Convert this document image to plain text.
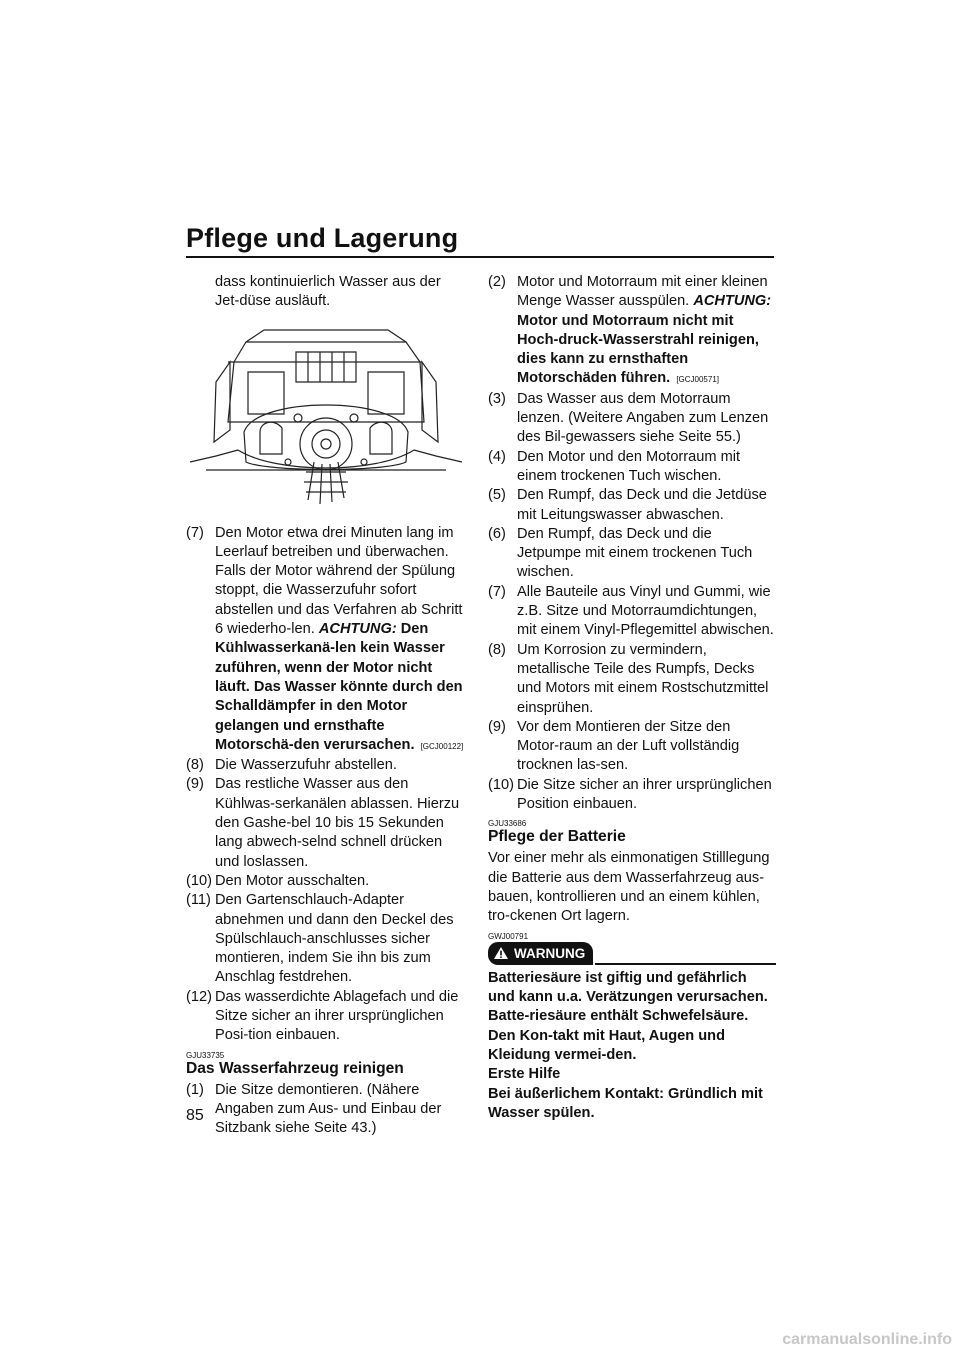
Pflege und Lagerung

dass kontinuierlich Wasser aus der Jet-düse ausläuft.

(7) Den Motor etwa drei Minuten lang im Leerlauf betreiben und überwachen. Falls der Motor während der Spülung stoppt, die Wasserzufuhr sofort abstellen und das Verfahren ab Schritt 6 wiederho-len. ACHTUNG: Den Kühlwasserkanä-len kein Wasser zuführen, wenn der Motor nicht läuft. Das Wasser könnte durch den Schalldämpfer in den Motor gelangen und ernsthafte Motorschä-den verursachen. [GCJ00122]
(8) Die Wasserzufuhr abstellen.
(9) Das restliche Wasser aus den Kühlwas-serkanälen ablassen. Hierzu den Gashe-bel 10 bis 15 Sekunden lang abwech-selnd schnell drücken und loslassen.
(10) Den Motor ausschalten.
(11) Den Gartenschlauch-Adapter abnehmen und dann den Deckel des Spülschlauch-anschlusses sicher montieren, indem Sie ihn bis zum Anschlag festdrehen.
(12) Das wasserdichte Ablagefach und die Sitze sicher an ihrer ursprünglichen Posi-tion einbauen.
GJU33735
Das Wasserfahrzeug reinigen
(1) Die Sitze demontieren. (Nähere Angaben zum Aus- und Einbau der Sitzbank siehe Seite 43.)
(2) Motor und Motorraum mit einer kleinen Menge Wasser ausspülen. ACHTUNG: Motor und Motorraum nicht mit Hoch-druck-Wasserstrahl reinigen, dies kann zu ernsthaften Motorschäden führen. [GCJ00571]
(3) Das Wasser aus dem Motorraum lenzen. (Weitere Angaben zum Lenzen des Bil-gewassers siehe Seite 55.)
(4) Den Motor und den Motorraum mit einem trockenen Tuch wischen.
(5) Den Rumpf, das Deck und die Jetdüse mit Leitungswasser abwaschen.
(6) Den Rumpf, das Deck und die Jetpumpe mit einem trockenen Tuch wischen.
(7) Alle Bauteile aus Vinyl und Gummi, wie z.B. Sitze und Motorraumdichtungen, mit einem Vinyl-Pflegemittel abwischen.
(8) Um Korrosion zu vermindern, metallische Teile des Rumpfs, Decks und Motors mit einem Rostschutzmittel einsprühen.
(9) Vor dem Montieren der Sitze den Motor-raum an der Luft vollständig trocknen las-sen.
(10) Die Sitze sicher an ihrer ursprünglichen Position einbauen.
GJU33686
Pflege der Batterie

Vor einer mehr als einmonatigen Stilllegung die Batterie aus dem Wasserfahrzeug aus-bauen, kontrollieren und an einem kühlen, tro-ckenen Ort lagern.

GWJ00791
WARNUNG

Batteriesäure ist giftig und gefährlich und kann u.a. Verätzungen verursachen. Batte-riesäure enthält Schwefelsäure. Den Kon-takt mit Haut, Augen und Kleidung vermei-den.

Erste Hilfe

Bei äußerlichem Kontakt: Gründlich mit Wasser spülen.

85
carmanualsonline.info
